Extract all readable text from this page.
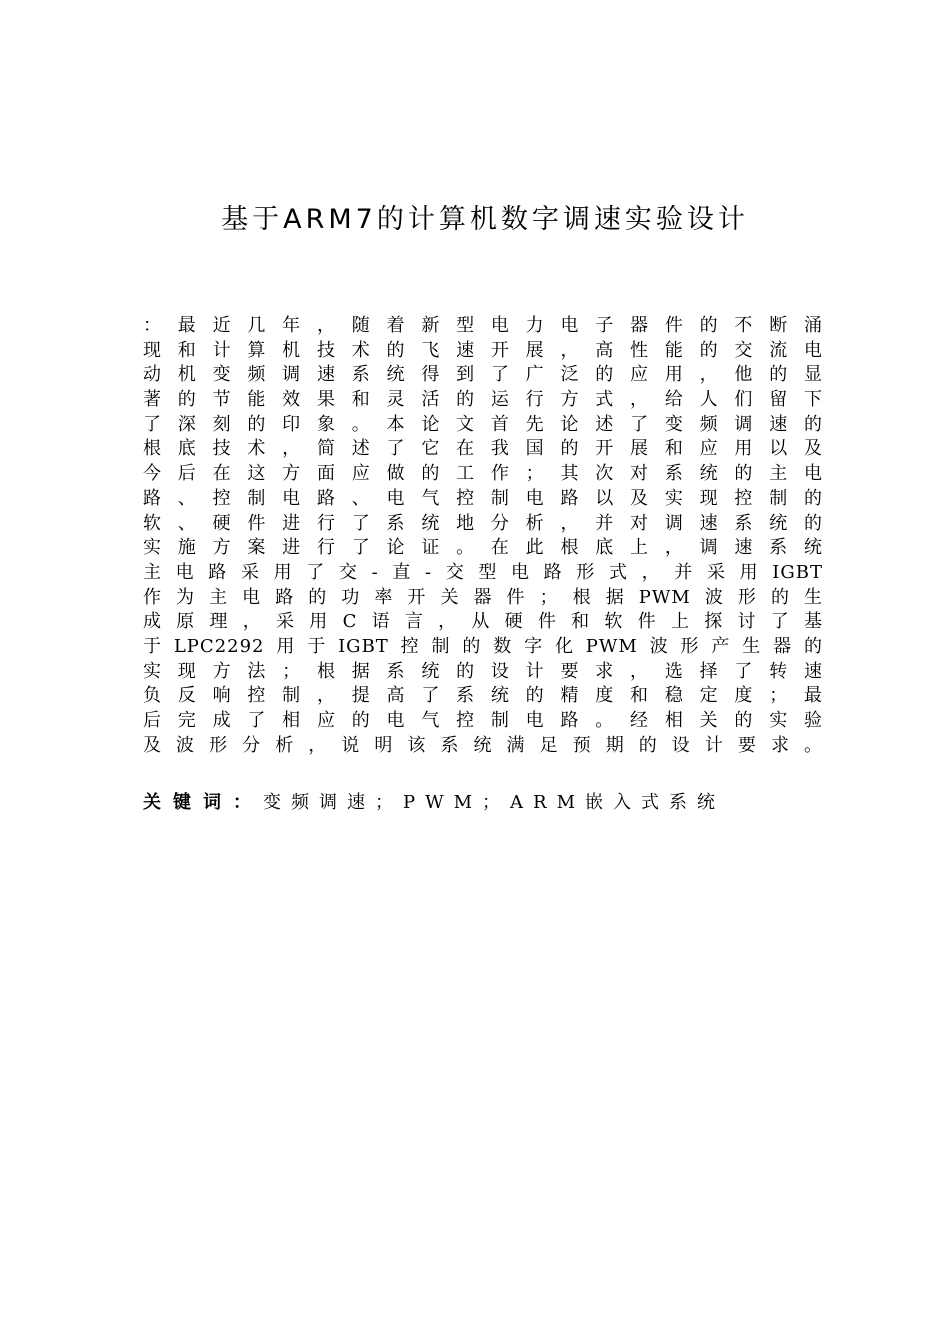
基于ARM7的计算机数字调速实验设计
：最近几年，随着新型电力电子器件的不断涌
现和计算机技术的飞速开展，高性能的交流电
动机变频调速系统得到了广泛的应用，他的显
著的节能效果和灵活的运行方式，给人们留下
了深刻的印象。本论文首先论述了变频调速的
根底技术，简述了它在我国的开展和应用以及
今后在这方面应做的工作；其次对系统的主电
路、控制电路、电气控制电路以及实现控制的
软、硬件进行了系统地分析，并对调速系统的
实施方案进行了论证。在此根底上，调速系统
主电路采用了交-直-交型电路形式，并采用IGBT
作为主电路的功率开关器件；根据PWM波形的生
成原理，采用C语言，从硬件和软件上探讨了基
于LPC2292用于IGBT控制的数字化PWM波形产生器的
实现方法；根据系统的设计要求，选择了转速
负反响控制，提高了系统的精度和稳定度；最
后完成了相应的电气控制电路。经相关的实验
及波形分析，说明该系统满足预期的设计要求。
关键词：变频调速；PWM；ARM嵌入式系统
